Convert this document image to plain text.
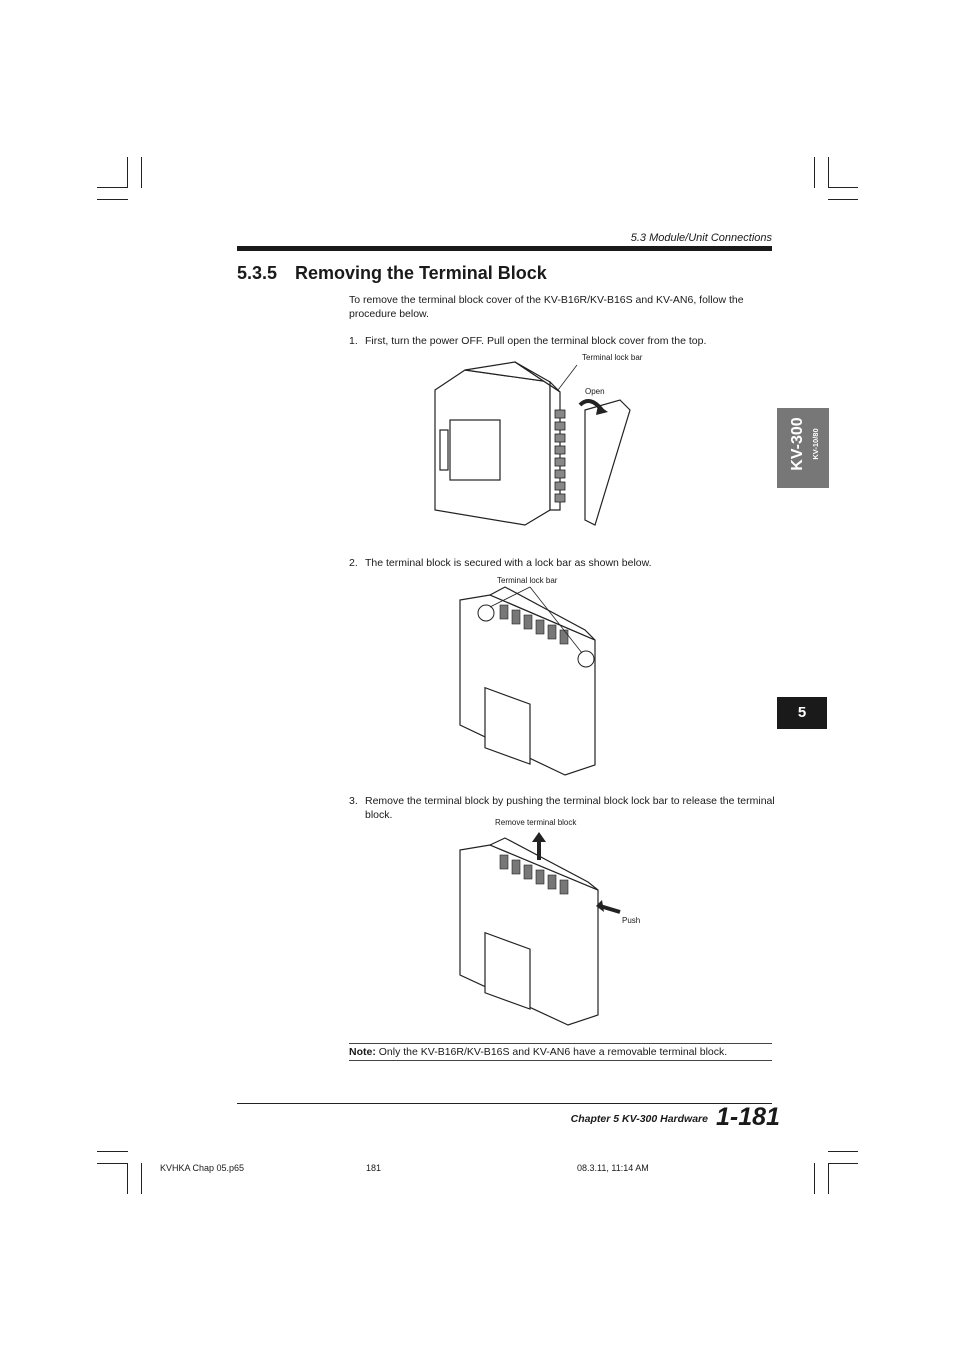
5.3 Module/Unit Connections
5.3.5 Removing the Terminal Block
To remove the terminal block cover of the KV-B16R/KV-B16S and KV-AN6, follow the procedure below.
1. First, turn the power OFF. Pull open the terminal block cover from the top.
Terminal lock bar
Open
2. The terminal block is secured with a lock bar as shown below.
Terminal lock bar
3. Remove the terminal block by pushing the terminal block lock bar to release the terminal block.
Remove terminal block
Push
Note: Only the KV-B16R/KV-B16S and KV-AN6 have a removable terminal block.
KV-300 KV-10/80
5
Chapter 5 KV-300 Hardware 1-181
KVHKA Chap 05.p65	181	08.3.11, 11:14 AM
